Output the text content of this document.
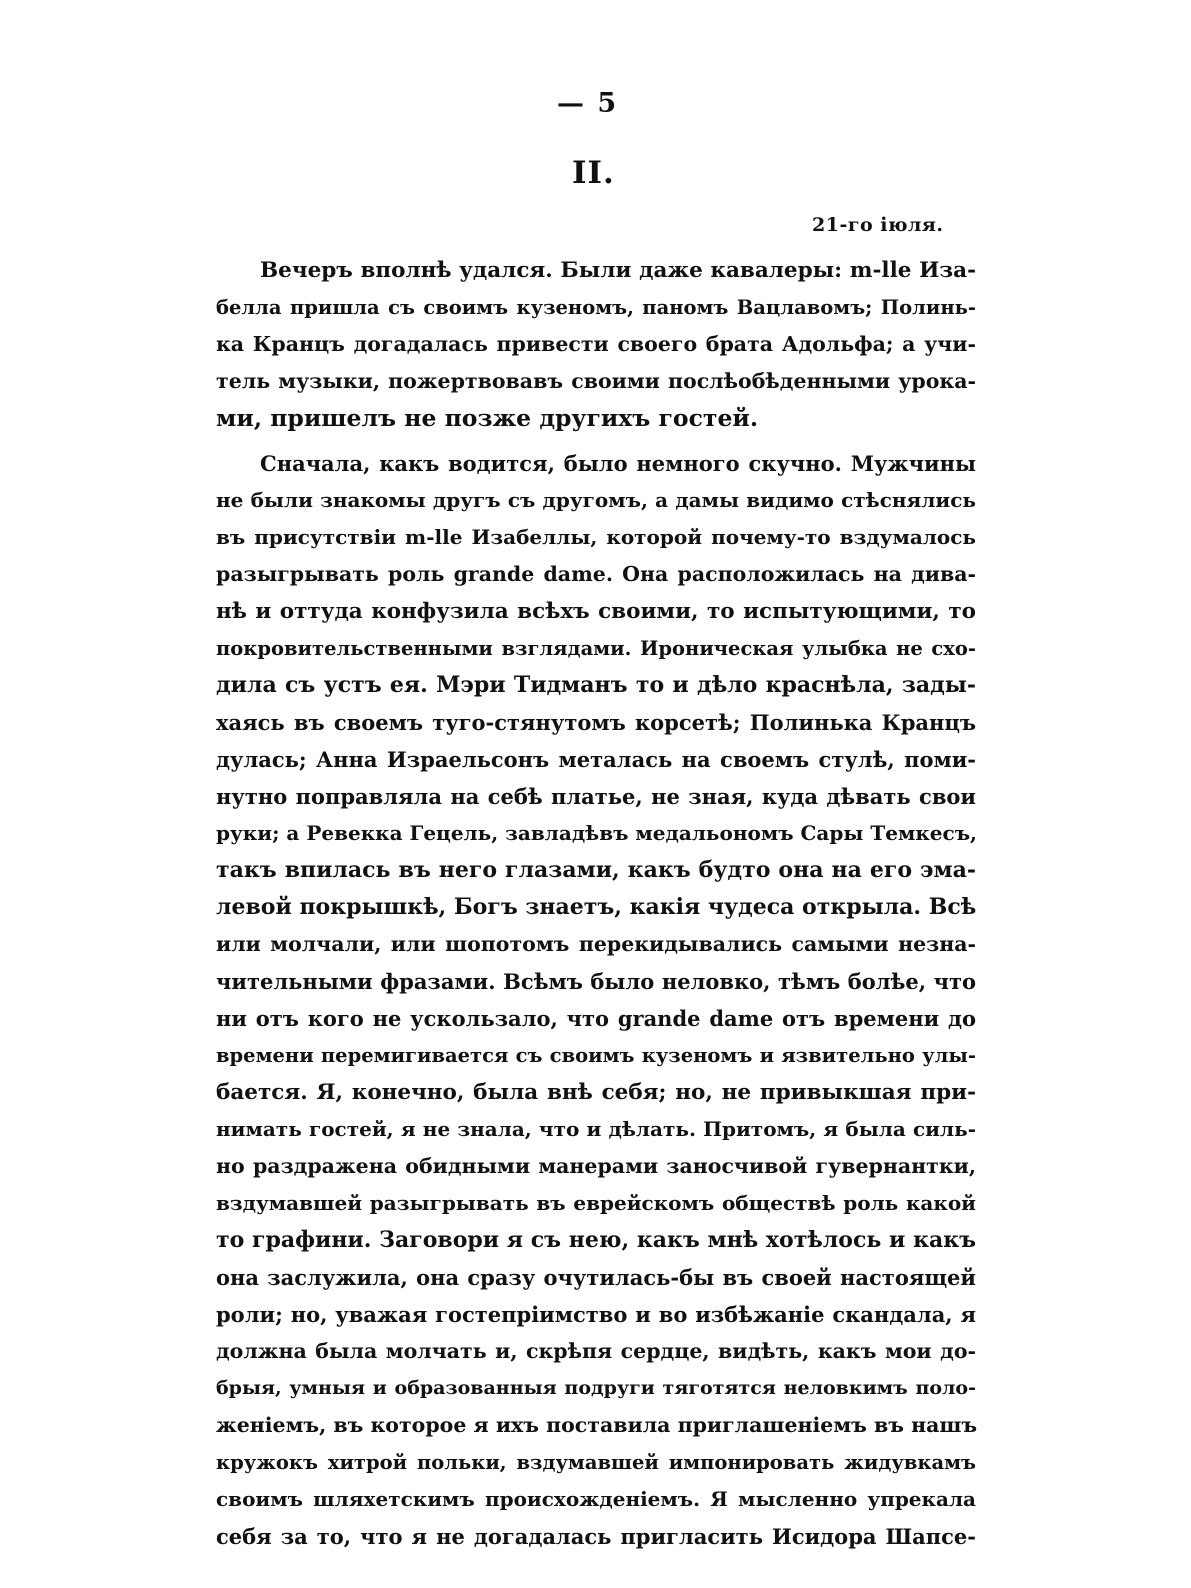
— 5
II.
21-го іюля.
Вечеръ вполнѣ удался. Были даже кавалеры: m-lle Иза-
белла пришла съ своимъ кузеномъ, паномъ Вацлавомъ; Полинь-
ка Кранцъ догадалась привести своего брата Адольфа; а учи-
тель музыки, пожертвовавъ своими послѣобѣденными урока-
ми, пришелъ не позже другихъ гостей.
Сначала, какъ водится, было немного скучно. Мужчины
не были знакомы другъ съ другомъ, а дамы видимо стѣснялись
въ присутствіи m-lle Изабеллы, которой почему-то вздумалось
разыгрывать роль grande dame. Она расположилась на дива-
нѣ и оттуда конфузила всѣхъ своими, то испытующими, то
покровительственными взглядами. Ироническая улыбка не схо-
дила съ устъ ея. Мэри Тидманъ то и дѣло краснѣла, зады-
хаясь въ своемъ туго-стянутомъ корсетѣ; Полинька Кранцъ
дулась; Анна Израельсонъ металась на своемъ стулѣ, поми-
нутно поправляла на себѣ платье, не зная, куда дѣвать свои
руки; а Ревекка Гецель, завладѣвъ медальономъ Сары Темкесъ,
такъ впилась въ него глазами, какъ будто она на его эма-
левой покрышкѣ, Богъ знаетъ, какія чудеса открыла. Всѣ
или молчали, или шопотомъ перекидывались самыми незна-
чительными фразами. Всѣмъ было неловко, тѣмъ болѣе, что
ни отъ кого не ускользало, что grande dame отъ времени до
времени перемигивается съ своимъ кузеномъ и язвительно улы-
бается. Я, конечно, была внѣ себя; но, не привыкшая при-
нимать гостей, я не знала, что и дѣлать. Притомъ, я была силь-
но раздражена обидными манерами заносчивой гувернантки,
вздумавшей разыгрывать въ еврейскомъ обществѣ роль какой
то графини. Заговори я съ нею, какъ мнѣ хотѣлось и какъ
она заслужила, она сразу очутилась-бы въ своей настоящей
роли; но, уважая гостепріимство и во избѣжаніе скандала, я
должна была молчать и, скрѣпя сердце, видѣть, какъ мои до-
брыя, умныя и образованныя подруги тяготятся неловкимъ поло-
женіемъ, въ которое я ихъ поставила приглашеніемъ въ нашъ
кружокъ хитрой польки, вздумавшей импонировать жидувкамъ
своимъ шляхетскимъ происхожденіемъ. Я мысленно упрекала
себя за то, что я не догадалась пригласить Исидора Шапсе-
